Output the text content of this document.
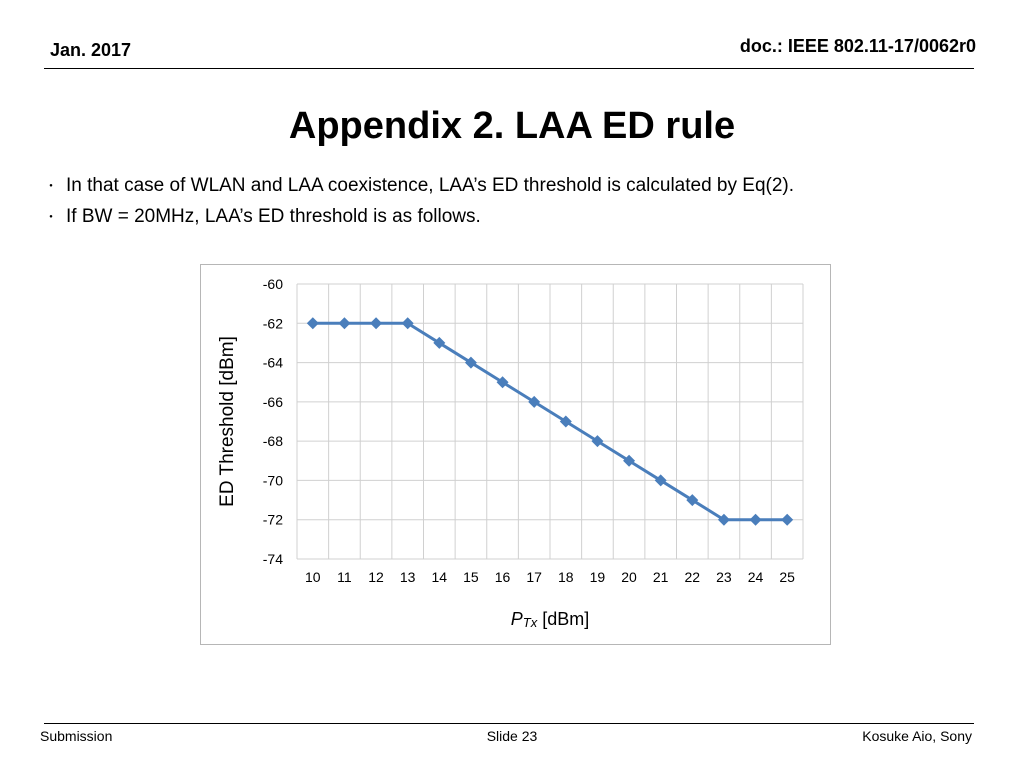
Jan. 2017	doc.: IEEE 802.11-17/0062r0
Appendix 2. LAA ED rule
・ In that case of WLAN and LAA coexistence, LAA’s ED threshold is calculated by Eq(2).
・ If BW = 20MHz, LAA’s ED threshold is as follows.
-60
-62
-64
-66
-68
-70
-72
-74
10 11 12 13 14 15 16 17 18 19 20 21 22 23 24 25
PTx [dBm]
ED Threshold [dBm]
Submission	Slide 23	Kosuke Aio, Sony
